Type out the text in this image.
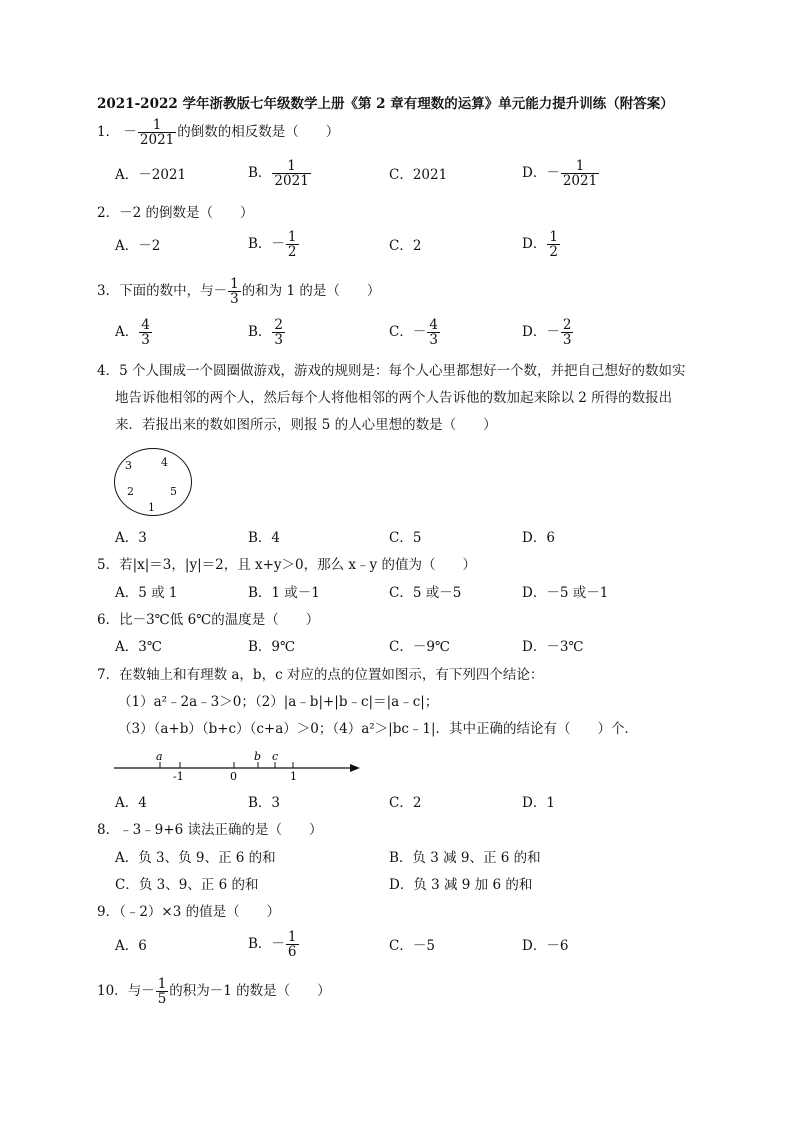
2021-2022 学年浙教版七年级数学上册《第 2 章有理数的运算》单元能力提升训练（附答案）
1． － $\frac{1}{2021}$ 的倒数的相反数是（　　）
A．－2021	B． $\frac{1}{2021}$	C．2021	D．－ $\frac{1}{2021}$
2．－2 的倒数是（　　）
A．－2	B．－ $\frac{1}{2}$	C．2	D． $\frac{1}{2}$
3．下面的数中，与－ $\frac{1}{3}$ 的和为 1 的是（　　）
A． $\frac{4}{3}$	B． $\frac{2}{3}$	C．－ $\frac{4}{3}$	D．－ $\frac{2}{3}$
4．5 个人围成一个圆圈做游戏，游戏的规则是：每个人心里都想好一个数，并把自己想好的数如实
地告诉他相邻的两个人，然后每个人将他相邻的两个人告诉他的数加起来除以 2 所得的数报出
来．若报出来的数如图所示，则报 5 的人心里想的数是（　　）
3	4
2	5
1
A．3	B．4	C．5	D．6
5．若|x|＝3，|y|＝2，且 x+y＞0，那么 x﹣y 的值为（　　）
A．5 或 1	B．1 或－1	C．5 或－5	D．－5 或－1
6．比－3℃低 6℃的温度是（　　）
A．3℃	B．9℃	C．－9℃	D．－3℃
7．在数轴上和有理数 a，b，c 对应的点的位置如图示，有下列四个结论：
（1）a²﹣2a﹣3＞0；（2）|a﹣b|+|b﹣c|＝|a﹣c|；
（3）（a+b）（b+c）（c+a）＞0；（4）a²＞|bc﹣1|．其中正确的结论有（　　）个．
a	b c
-1	0	1
A．4	B．3	C．2	D．1
8．﹣3﹣9+6 读法正确的是（　　）
A．负 3、负 9、正 6 的和	B．负 3 减 9、正 6 的和
C．负 3、9、正 6 的和	D．负 3 减 9 加 6 的和
9．（﹣2）×3 的值是（　　）
A．6	B．－ $\frac{1}{6}$	C．－5	D．－6
10．与－ $\frac{1}{5}$ 的积为－1 的数是（　　）
